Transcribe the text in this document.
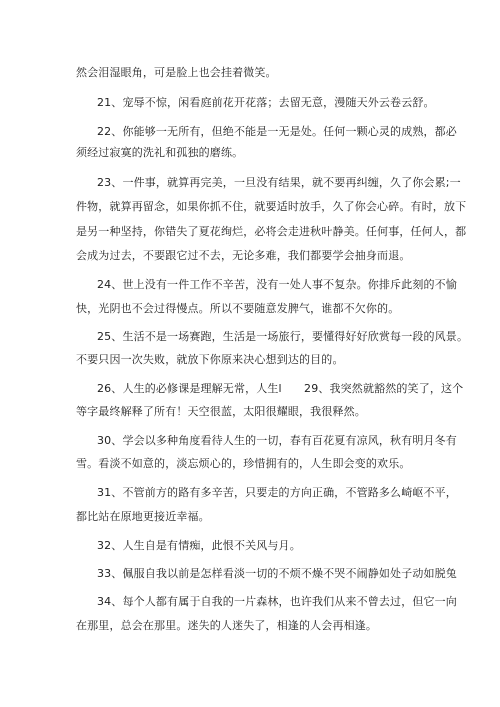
然会泪湿眼角，可是脸上也会挂着微笑。
21、宠辱不惊，闲看庭前花开花落；去留无意，漫随天外云卷云舒。
22、你能够一无所有，但绝不能是一无是处。任何一颗心灵的成熟，都必
须经过寂寞的洗礼和孤独的磨练。
23、一件事，就算再完美，一旦没有结果，就不要再纠缠，久了你会累;一
件物，就算再留念，如果你抓不住，就要适时放手，久了你会心碎。有时，放下
是另一种坚持，你错失了夏花绚烂，必将会走进秋叶静美。任何事，任何人，都
会成为过去，不要跟它过不去，无论多难，我们都要学会抽身而退。
24、世上没有一件工作不辛苦，没有一处人事不复杂。你排斥此刻的不愉
快，光阴也不会过得慢点。所以不要随意发脾气，谁都不欠你的。
25、生活不是一场赛跑，生活是一场旅行，要懂得好好欣赏每一段的风景。
不要只因一次失败，就放下你原来决心想到达的目的。
26、人生的必修课是理解无常，人生l　　29、我突然就豁然的笑了，这个
等字最终解释了所有！天空很蓝，太阳很耀眼，我很释然。
30、学会以多种角度看待人生的一切，春有百花夏有凉风，秋有明月冬有
雪。看淡不如意的，淡忘烦心的，珍惜拥有的，人生即会变的欢乐。
31、不管前方的路有多辛苦，只要走的方向正确，不管路多么崎岖不平，
都比站在原地更接近幸福。
32、人生自是有情痴，此恨不关风与月。
33、佩服自我以前是怎样看淡一切的不烦不燥不哭不闹静如处子动如脱兔
34、每个人都有属于自我的一片森林，也许我们从来不曾去过，但它一向
在那里，总会在那里。迷失的人迷失了，相逢的人会再相逢。
